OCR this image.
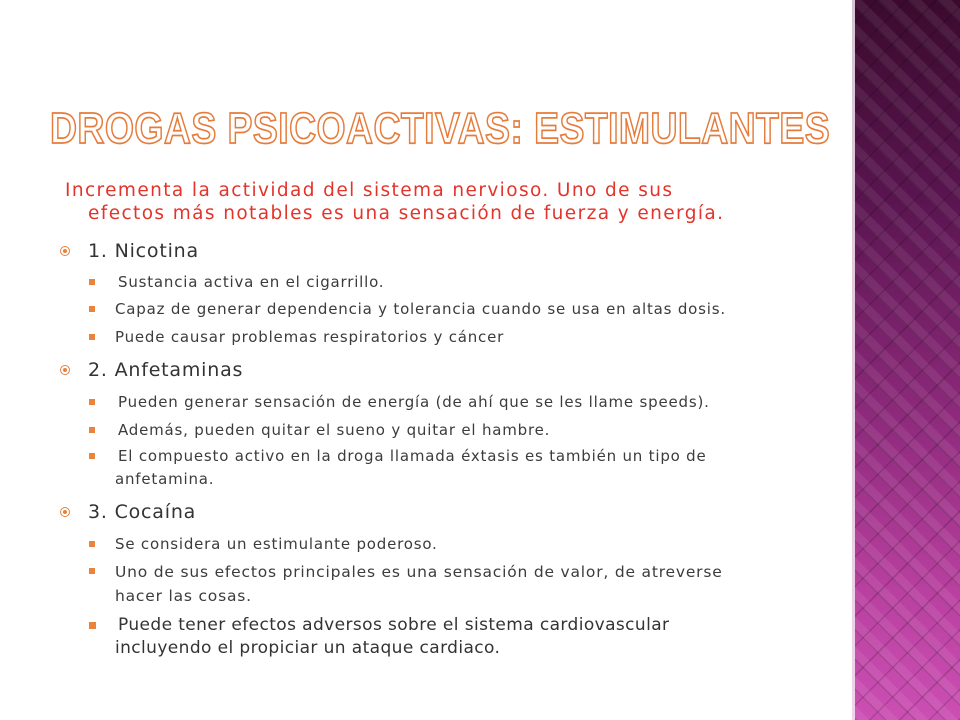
DROGAS PSICOACTIVAS: ESTIMULANTES
Incrementa la actividad del sistema nervioso. Uno de sus
efectos más notables es una sensación de fuerza y energía.
1. Nicotina
Sustancia activa en el cigarrillo.
Capaz de generar dependencia y tolerancia cuando se usa en altas dosis.
Puede causar problemas respiratorios y cáncer
2. Anfetaminas
Pueden generar sensación de energía (de ahí que se les llame speeds).
Además, pueden quitar el sueno y quitar el hambre.
El compuesto activo en la droga llamada éxtasis es también un tipo de
anfetamina.
3. Cocaína
Se considera un estimulante poderoso.
Uno de sus efectos principales es una sensación de valor, de atreverse
hacer las cosas.
Puede tener efectos adversos sobre el sistema cardiovascular
incluyendo el propiciar un ataque cardiaco.
